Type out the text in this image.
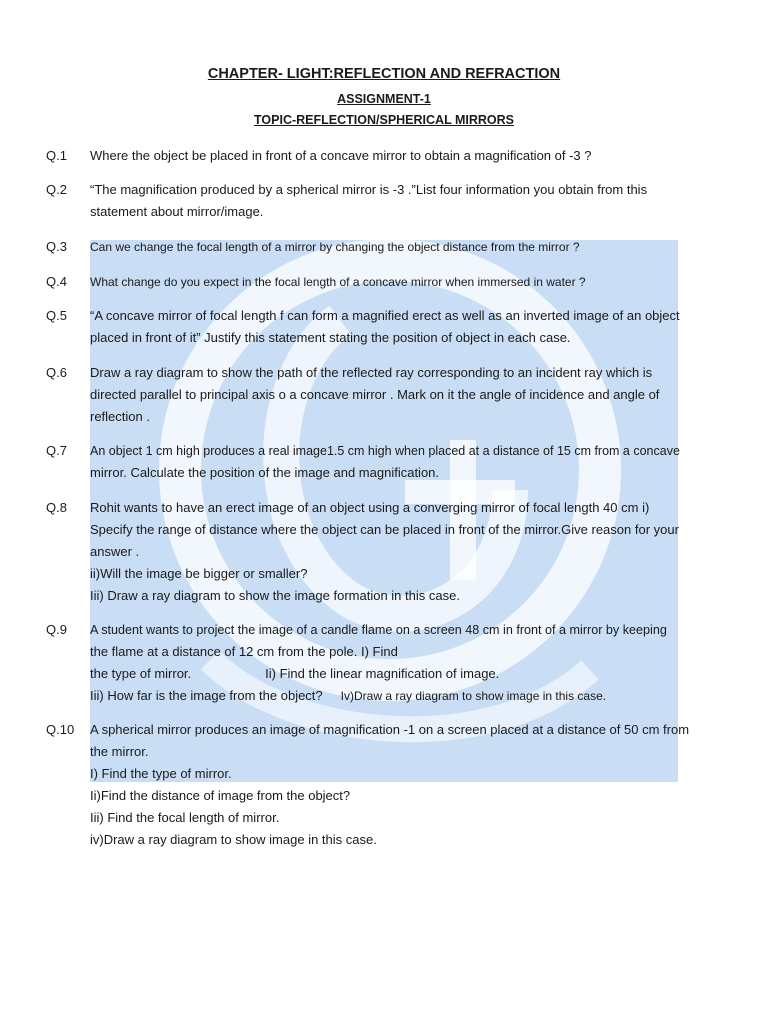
CHAPTER- LIGHT:REFLECTION AND REFRACTION
ASSIGNMENT-1
TOPIC-REFLECTION/SPHERICAL MIRRORS
Q.1 Where the object be placed in front of a concave mirror to obtain a magnification of -3 ?
Q.2 “The magnification produced by a spherical mirror is -3 .”List four information you obtain from this
statement about mirror/image.
Q.3 Can we change the focal length of a mirror by changing the object distance from the mirror ?
Q.4 What change do you expect in the focal length of a concave mirror when immersed in water ?
Q.5 “A concave mirror of focal length f can form a magnified erect as well as an inverted image of an object
placed in front of it” Justify this statement stating the position of object in each case.
Q.6 Draw a ray diagram to show the path of the reflected ray corresponding to an incident ray which is
directed parallel to principal axis o a concave mirror . Mark on it the angle of incidence and angle of
reflection .
Q.7 An object 1 cm high produces a real image1.5 cm high when placed at a distance of 15 cm from a concave
mirror. Calculate the position of the image and magnification.
Q.8 Rohit wants to have an erect image of an object using a converging mirror of focal length 40 cm i)
Specify the range of distance where the object can be placed in front of the mirror.Give reason for your
answer .
ii)Will the image be bigger or smaller?
Iii) Draw a ray diagram to show the image formation in this case.
Q.9 A student wants to project the image of a candle flame on a screen 48 cm in front of a mirror by keeping
the flame at a distance of 12 cm from the pole. I) Find
the type of mirror.	Ii) Find the linear magnification of image.
Iii) How far is the image from the object? Iv)Draw a ray diagram to show image in this case.
Q.10 A spherical mirror produces an image of magnification -1 on a screen placed at a distance of 50 cm from
the mirror.
I) Find the type of mirror.
Ii)Find the distance of image from the object?
Iii) Find the focal length of mirror.
iv)Draw a ray diagram to show image in this case.
